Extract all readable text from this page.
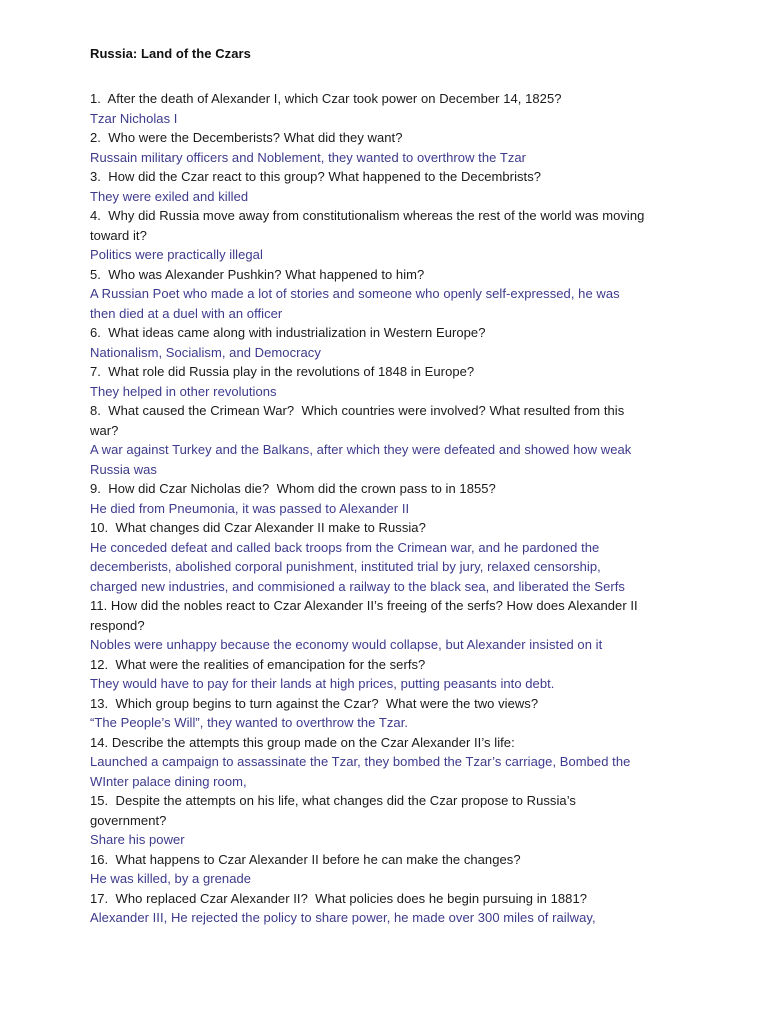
Russia: Land of the Czars

1.  After the death of Alexander I, which Czar took power on December 14, 1825?

Tzar Nicholas I

2.  Who were the Decemberists? What did they want?

Russain military officers and Noblement, they wanted to overthrow the Tzar

3.  How did the Czar react to this group? What happened to the Decembrists?

They were exiled and killed

4.  Why did Russia move away from constitutionalism whereas the rest of the world was moving

toward it?

Politics were practically illegal

5.  Who was Alexander Pushkin? What happened to him?

A Russian Poet who made a lot of stories and someone who openly self-expressed, he was

then died at a duel with an officer

6.  What ideas came along with industrialization in Western Europe?

Nationalism, Socialism, and Democracy

7.  What role did Russia play in the revolutions of 1848 in Europe?

They helped in other revolutions

8.  What caused the Crimean War?  Which countries were involved? What resulted from this

war?

A war against Turkey and the Balkans, after which they were defeated and showed how weak

Russia was

9.  How did Czar Nicholas die?  Whom did the crown pass to in 1855?

He died from Pneumonia, it was passed to Alexander II

10.  What changes did Czar Alexander II make to Russia?

He conceded defeat and called back troops from the Crimean war, and he pardoned the

decemberists, abolished corporal punishment, instituted trial by jury, relaxed censorship,

charged new industries, and commisioned a railway to the black sea, and liberated the Serfs

11. How did the nobles react to Czar Alexander II’s freeing of the serfs? How does Alexander II

respond?

Nobles were unhappy because the economy would collapse, but Alexander insisted on it

12.  What were the realities of emancipation for the serfs?

They would have to pay for their lands at high prices, putting peasants into debt.

13.  Which group begins to turn against the Czar?  What were the two views?

“The People’s Will”, they wanted to overthrow the Tzar.

14. Describe the attempts this group made on the Czar Alexander II’s life:

Launched a campaign to assassinate the Tzar, they bombed the Tzar’s carriage, Bombed the

WInter palace dining room,

15.  Despite the attempts on his life, what changes did the Czar propose to Russia’s

government?

Share his power

16.  What happens to Czar Alexander II before he can make the changes?

He was killed, by a grenade

17.  Who replaced Czar Alexander II?  What policies does he begin pursuing in 1881?

Alexander III, He rejected the policy to share power, he made over 300 miles of railway,
